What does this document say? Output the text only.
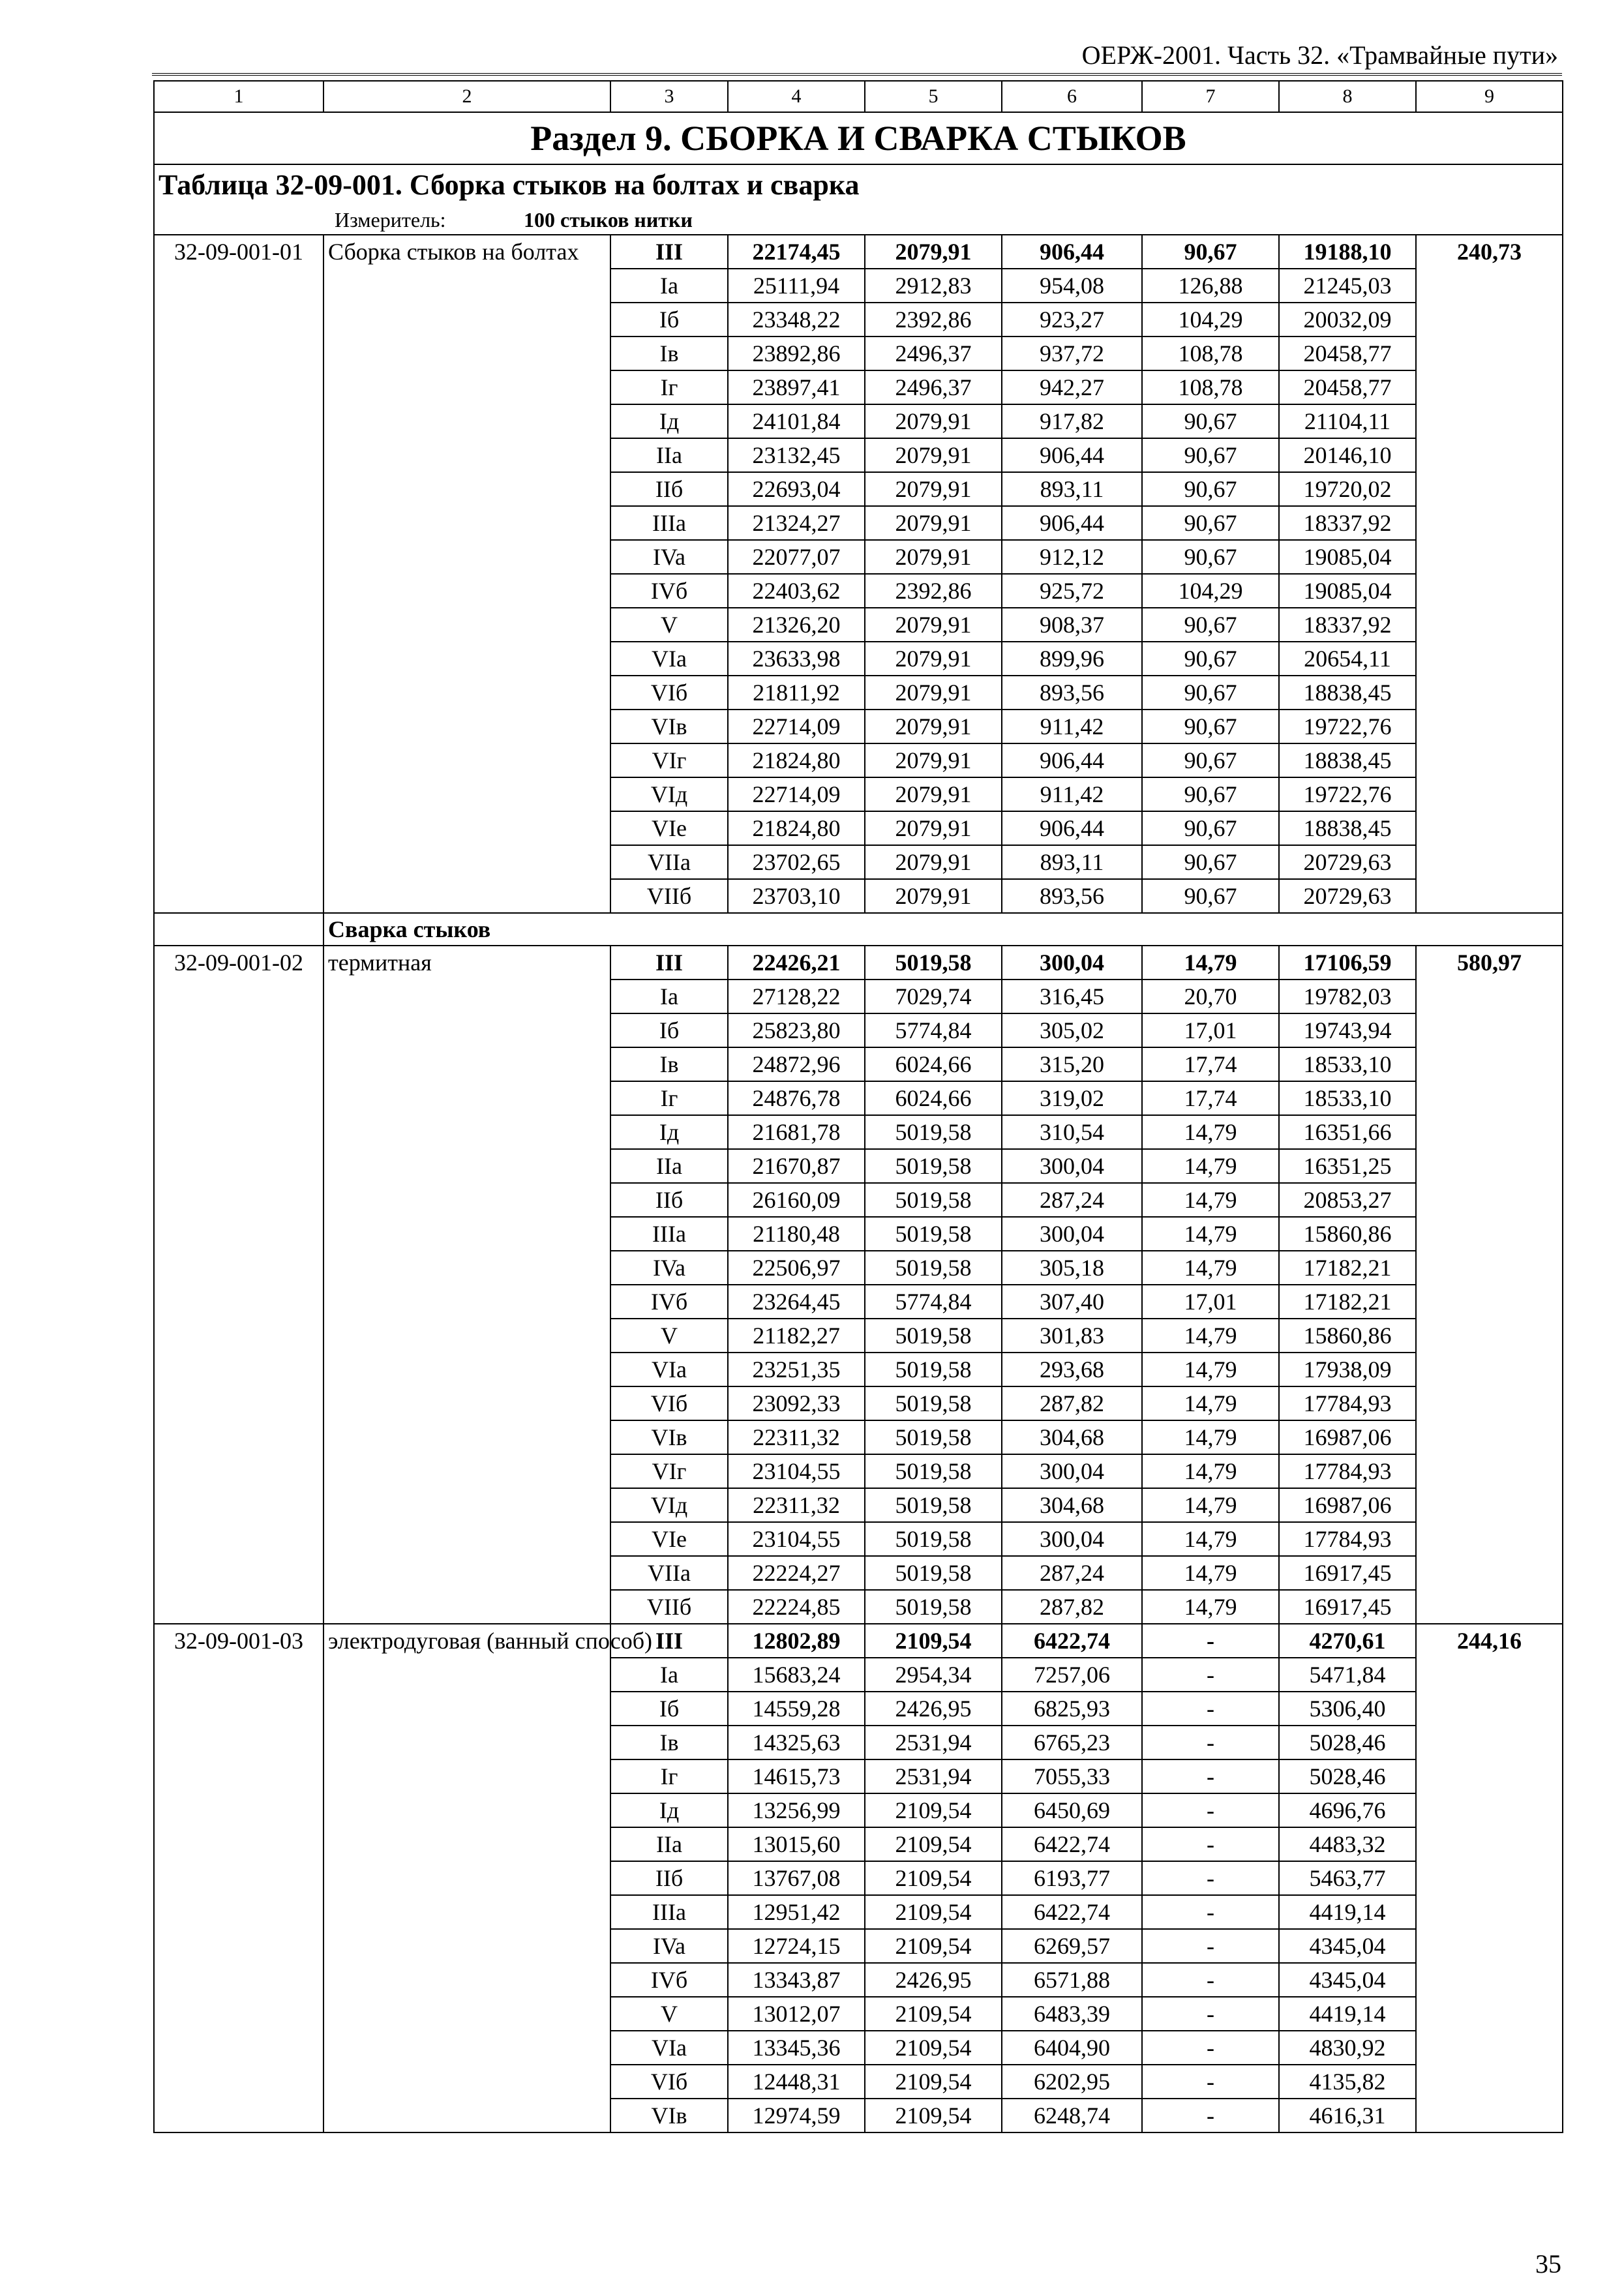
ОЕРЖ-2001. Часть 32. «Трамвайные пути»
1	2	3	4	5	6	7	8	9
Раздел 9. СБОРКА И СВАРКА СТЫКОВ								
Таблица 32-09-001. Сборка стыков на болтах и сварка								
Измеритель: 100 стыков нитки								
32-09-001-01	Сборка стыков на болтах	III	22174,45	2079,91	906,44	90,67	19188,10	240,73
		Ia	25111,94	2912,83	954,08	126,88	21245,03	
		Iб	23348,22	2392,86	923,27	104,29	20032,09	
		Iв	23892,86	2496,37	937,72	108,78	20458,77	
		Iг	23897,41	2496,37	942,27	108,78	20458,77	
		Iд	24101,84	2079,91	917,82	90,67	21104,11	
		IIa	23132,45	2079,91	906,44	90,67	20146,10	
		IIб	22693,04	2079,91	893,11	90,67	19720,02	
		IIIa	21324,27	2079,91	906,44	90,67	18337,92	
		IVa	22077,07	2079,91	912,12	90,67	19085,04	
		IVб	22403,62	2392,86	925,72	104,29	19085,04	
		V	21326,20	2079,91	908,37	90,67	18337,92	
		VIa	23633,98	2079,91	899,96	90,67	20654,11	
		VIб	21811,92	2079,91	893,56	90,67	18838,45	
		VIв	22714,09	2079,91	911,42	90,67	19722,76	
		VIг	21824,80	2079,91	906,44	90,67	18838,45	
		VIд	22714,09	2079,91	911,42	90,67	19722,76	
		VIe	21824,80	2079,91	906,44	90,67	18838,45	
		VIIa	23702,65	2079,91	893,11	90,67	20729,63	
		VIIб	23703,10	2079,91	893,56	90,67	20729,63	
	Сварка стыков							
32-09-001-02	термитная	III	22426,21	5019,58	300,04	14,79	17106,59	580,97
		Ia	27128,22	7029,74	316,45	20,70	19782,03	
		Iб	25823,80	5774,84	305,02	17,01	19743,94	
		Iв	24872,96	6024,66	315,20	17,74	18533,10	
		Iг	24876,78	6024,66	319,02	17,74	18533,10	
		Iд	21681,78	5019,58	310,54	14,79	16351,66	
		IIa	21670,87	5019,58	300,04	14,79	16351,25	
		IIб	26160,09	5019,58	287,24	14,79	20853,27	
		IIIa	21180,48	5019,58	300,04	14,79	15860,86	
		IVa	22506,97	5019,58	305,18	14,79	17182,21	
		IVб	23264,45	5774,84	307,40	17,01	17182,21	
		V	21182,27	5019,58	301,83	14,79	15860,86	
		VIa	23251,35	5019,58	293,68	14,79	17938,09	
		VIб	23092,33	5019,58	287,82	14,79	17784,93	
		VIв	22311,32	5019,58	304,68	14,79	16987,06	
		VIг	23104,55	5019,58	300,04	14,79	17784,93	
		VIд	22311,32	5019,58	304,68	14,79	16987,06	
		VIe	23104,55	5019,58	300,04	14,79	17784,93	
		VIIa	22224,27	5019,58	287,24	14,79	16917,45	
		VIIб	22224,85	5019,58	287,82	14,79	16917,45	
32-09-001-03	электродуговая (ванный способ)	III	12802,89	2109,54	6422,74	-	4270,61	244,16
		Ia	15683,24	2954,34	7257,06	-	5471,84	
		Iб	14559,28	2426,95	6825,93	-	5306,40	
		Iв	14325,63	2531,94	6765,23	-	5028,46	
		Iг	14615,73	2531,94	7055,33	-	5028,46	
		Iд	13256,99	2109,54	6450,69	-	4696,76	
		IIa	13015,60	2109,54	6422,74	-	4483,32	
		IIб	13767,08	2109,54	6193,77	-	5463,77	
		IIIa	12951,42	2109,54	6422,74	-	4419,14	
		IVa	12724,15	2109,54	6269,57	-	4345,04	
		IVб	13343,87	2426,95	6571,88	-	4345,04	
		V	13012,07	2109,54	6483,39	-	4419,14	
		VIa	13345,36	2109,54	6404,90	-	4830,92	
		VIб	12448,31	2109,54	6202,95	-	4135,82	
		VIв	12974,59	2109,54	6248,74	-	4616,31	
35
